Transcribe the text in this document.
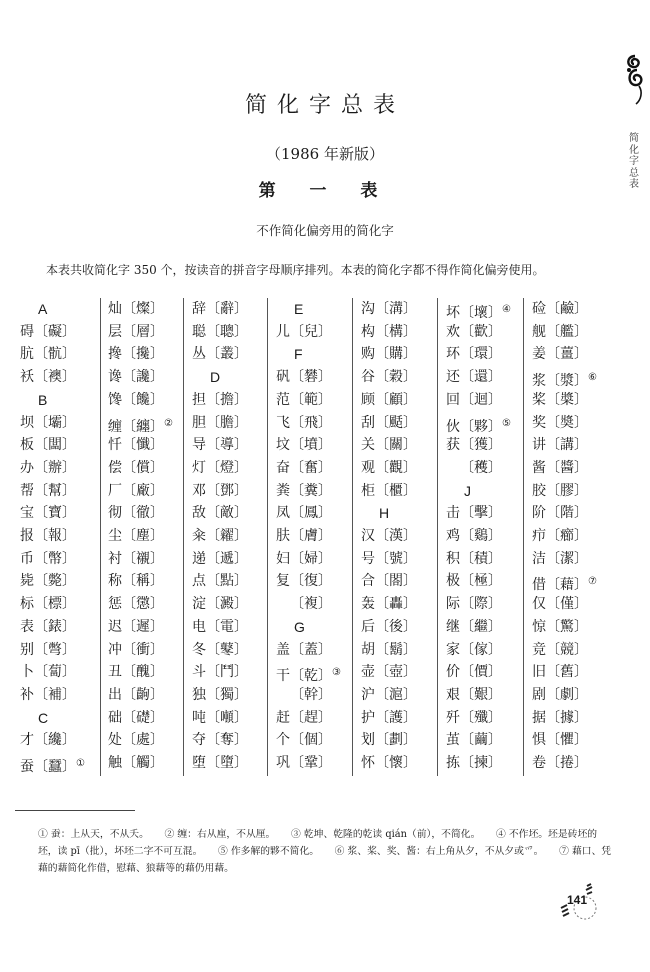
简化字总表
简化字总表
（1986 年新版）
第 一 表
不作简化偏旁用的简化字
本表共收简化字 350 个，按读音的拼音字母顺序排列。本表的简化字都不得作简化偏旁使用。
A
碍〔礙〕
肮〔骯〕
袄〔襖〕
B
坝〔壩〕
板〔闆〕
办〔辦〕
帮〔幫〕
宝〔寶〕
报〔報〕
币〔幣〕
毙〔斃〕
标〔標〕
表〔錶〕
别〔彆〕
卜〔蔔〕
补〔補〕
C
才〔纔〕
蚕〔蠶〕①
灿〔燦〕
层〔層〕
搀〔攙〕
谗〔讒〕
馋〔饞〕
缠〔纏〕②
忏〔懺〕
偿〔償〕
厂〔廠〕
彻〔徹〕
尘〔塵〕
衬〔襯〕
称〔稱〕
惩〔懲〕
迟〔遲〕
冲〔衝〕
丑〔醜〕
出〔齣〕
础〔礎〕
处〔處〕
触〔觸〕
辞〔辭〕
聪〔聰〕
丛〔叢〕
D
担〔擔〕
胆〔膽〕
导〔導〕
灯〔燈〕
邓〔鄧〕
敌〔敵〕
籴〔糴〕
递〔遞〕
点〔點〕
淀〔澱〕
电〔電〕
冬〔鼕〕
斗〔鬥〕
独〔獨〕
吨〔噸〕
夺〔奪〕
堕〔墮〕
E
儿〔兒〕
F
矾〔礬〕
范〔範〕
飞〔飛〕
坟〔墳〕
奋〔奮〕
粪〔糞〕
凤〔鳳〕
肤〔膚〕
妇〔婦〕
复〔復〕
〔複〕
G
盖〔蓋〕
干〔乾〕③
〔幹〕
赶〔趕〕
个〔個〕
巩〔鞏〕
沟〔溝〕
构〔構〕
购〔購〕
谷〔穀〕
顾〔顧〕
刮〔颳〕
关〔關〕
观〔觀〕
柜〔櫃〕
H
汉〔漢〕
号〔號〕
合〔閤〕
轰〔轟〕
后〔後〕
胡〔鬍〕
壶〔壺〕
沪〔滬〕
护〔護〕
划〔劃〕
怀〔懷〕
坏〔壞〕④
欢〔歡〕
环〔環〕
还〔還〕
回〔迴〕
伙〔夥〕⑤
获〔獲〕
〔穫〕
J
击〔擊〕
鸡〔鷄〕
积〔積〕
极〔極〕
际〔際〕
继〔繼〕
家〔傢〕
价〔價〕
艰〔艱〕
歼〔殲〕
茧〔繭〕
拣〔揀〕
硷〔鹼〕
舰〔艦〕
姜〔薑〕
浆〔漿〕⑥
桨〔槳〕
奖〔奬〕
讲〔講〕
酱〔醬〕
胶〔膠〕
阶〔階〕
疖〔癤〕
洁〔潔〕
借〔藉〕⑦
仅〔僅〕
惊〔驚〕
竞〔競〕
旧〔舊〕
剧〔劇〕
据〔據〕
惧〔懼〕
卷〔捲〕
① 蚕：上从天，不从夭。 ② 缠：右从㢆，不从厘。 ③ 乾坤、乾隆的乾读 qián（前），不简化。 ④ 不作坯。坯是砖坯的坯，读 pī（批），坏坯二字不可互混。 ⑤ 作多解的夥不简化。 ⑥ 浆、桨、奖、酱：右上角从夕，不从夕或爫。 ⑦ 藉口、凭藉的藉简化作借，慰藉、狼藉等的藉仍用藉。
141
